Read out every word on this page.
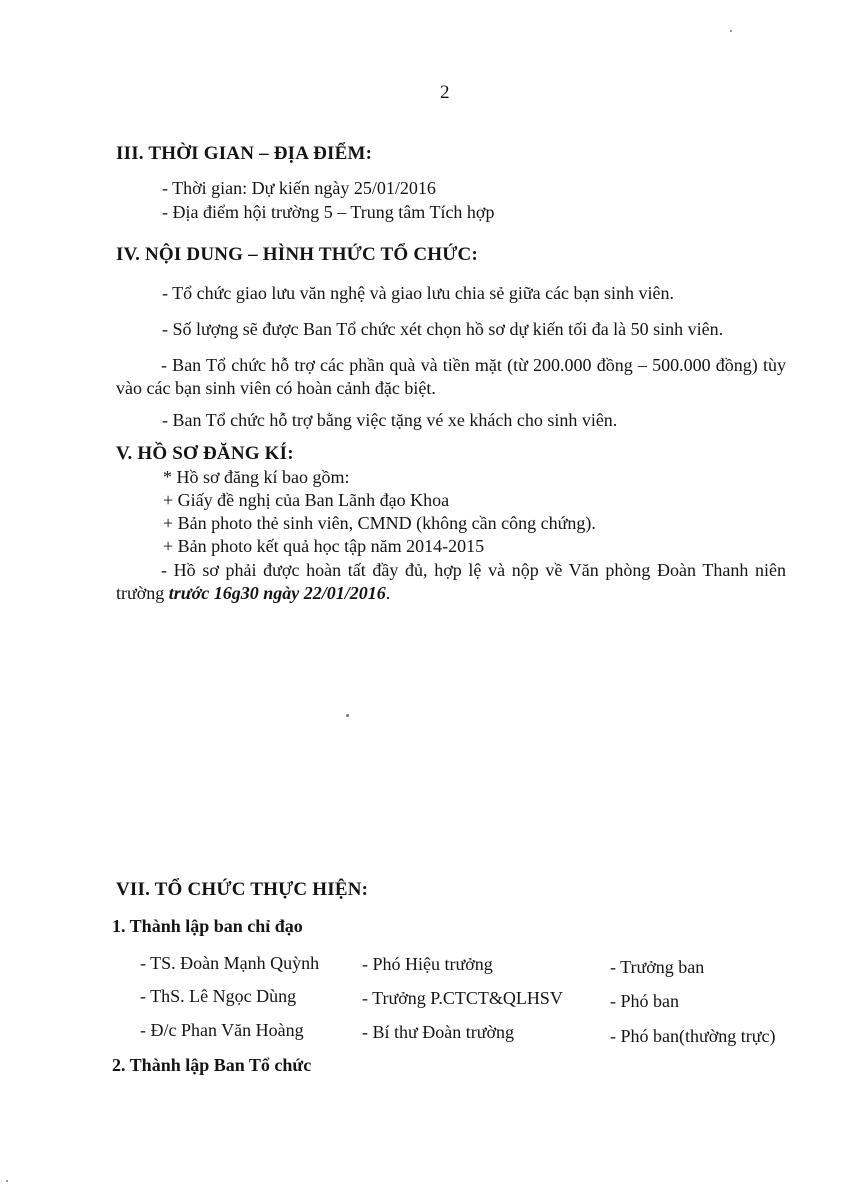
2
III. THỜI GIAN – ĐỊA ĐIỂM:
- Thời gian: Dự kiến ngày 25/01/2016
- Địa điểm hội trường 5 – Trung tâm Tích hợp
IV. NỘI DUNG – HÌNH THỨC TỔ CHỨC:
- Tổ chức giao lưu văn nghệ và giao lưu chia sẻ giữa các bạn sinh viên.
- Số lượng sẽ được Ban Tổ chức xét chọn hồ sơ dự kiến tối đa là 50 sinh viên.
- Ban Tổ chức hỗ trợ các phần quà và tiền mặt (từ 200.000 đồng – 500.000 đồng) tùy vào các bạn sinh viên có hoàn cảnh đặc biệt.
- Ban Tổ chức hỗ trợ bằng việc tặng vé xe khách cho sinh viên.
V. HỒ SƠ ĐĂNG KÍ:
* Hồ sơ đăng kí bao gồm:
+ Giấy đề nghị của Ban Lãnh đạo Khoa
+ Bản photo thẻ sinh viên, CMND (không cần công chứng).
+ Bản photo kết quả học tập năm 2014-2015
- Hồ sơ phải được hoàn tất đầy đủ, hợp lệ và nộp về Văn phòng Đoàn Thanh niên trường trước 16g30 ngày 22/01/2016.
VII. TỔ CHỨC THỰC HIỆN:
1. Thành lập ban chỉ đạo
- TS. Đoàn Mạnh Quỳnh - Phó Hiệu trưởng	- Trưởng ban
- ThS. Lê Ngọc Dùng	- Trưởng P.CTCT&QLHSV	- Phó ban
- Đ/c Phan Văn Hoàng	- Bí thư Đoàn trường	- Phó ban(thường trực)
2. Thành lập Ban Tổ chức
